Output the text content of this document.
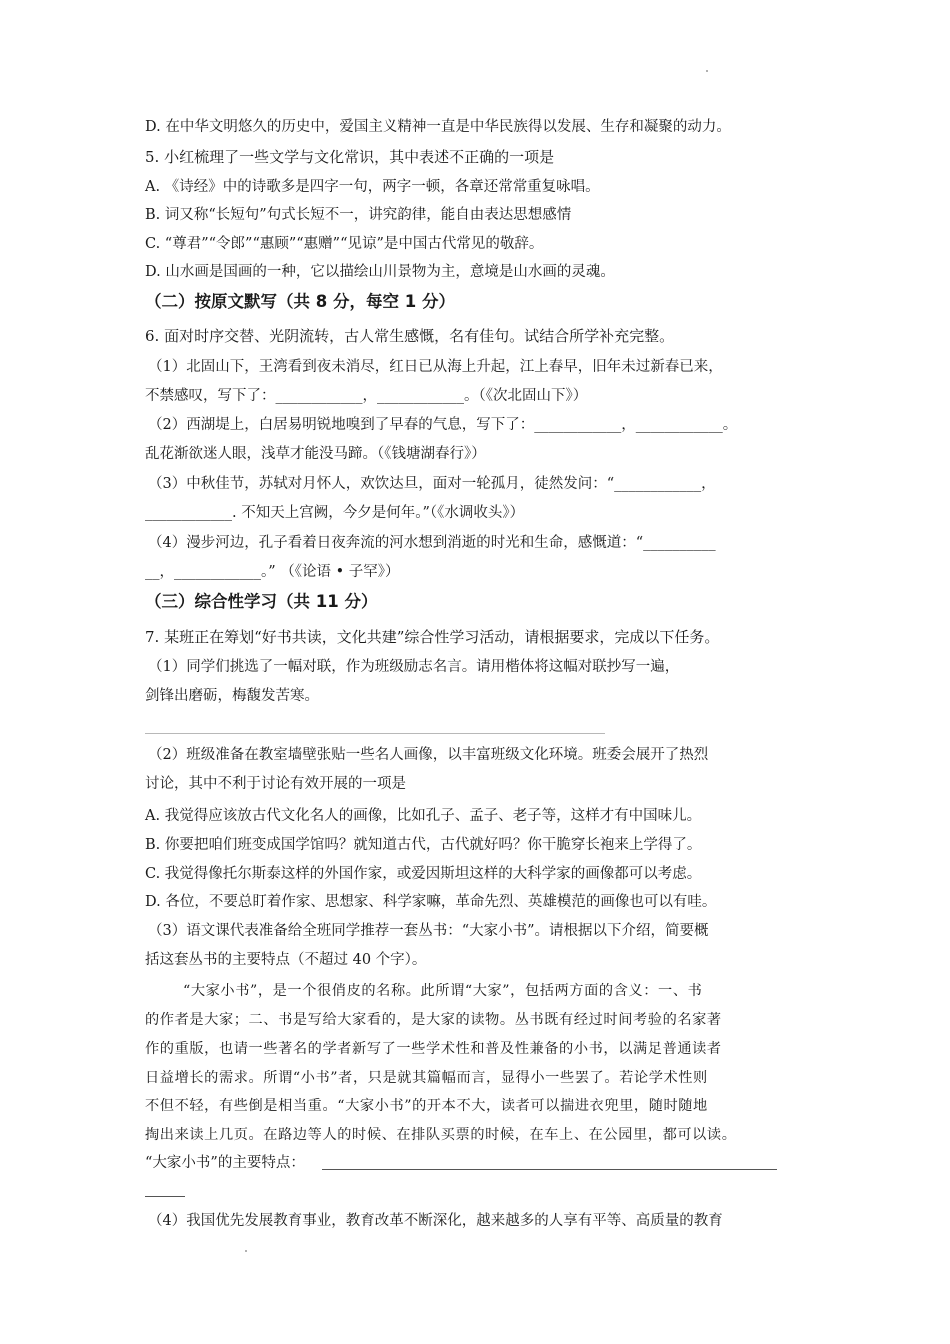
D. 在中华文明悠久的历史中，爱国主义精神一直是中华民族得以发展、生存和凝聚的动力。
5. 小红梳理了一些文学与文化常识，其中表述不正确的一项是
A. 《诗经》中的诗歌多是四字一句，两字一顿，各章还常常重复咏唱。
B. 词又称“长短句”句式长短不一，讲究韵律，能自由表达思想感情
C. “尊君”“令郎”“惠顾”“惠赠”“见谅”是中国古代常见的敬辞。
D. 山水画是国画的一种，它以描绘山川景物为主，意境是山水画的灵魂。
（二）按原文默写（共 8 分，每空 1 分）
6. 面对时序交替、光阴流转，古人常生感慨，名有佳句。试结合所学补充完整。
（1）北固山下，王湾看到夜未消尽，红日已从海上升起，江上春早，旧年未过新春已来，
不禁感叹，写下了：____________，____________。（《次北固山下》）
（2）西湖堤上，白居易明锐地嗅到了早春的气息，写下了：____________，____________。
乱花渐欲迷人眼，浅草才能没马蹄。（《钱塘湖春行》）
（3）中秋佳节，苏轼对月怀人，欢饮达旦，面对一轮孤月，徒然发问：“____________，
____________. 不知天上宫阙，今夕是何年。”（《水调收头》）
（4）漫步河边，孔子看着日夜奔流的河水想到消逝的时光和生命，感慨道：“__________
__，____________。” （《论语 • 子罕》）
（三）综合性学习（共 11 分）
7. 某班正在筹划“好书共读，文化共建”综合性学习活动，请根据要求，完成以下任务。
（1）同学们挑选了一幅对联，作为班级励志名言。请用楷体将这幅对联抄写一遍，
剑锋出磨砺，梅馥发苦寒。
（2）班级准备在教室墙壁张贴一些名人画像，以丰富班级文化环境。班委会展开了热烈
讨论，其中不利于讨论有效开展的一项是
A. 我觉得应该放古代文化名人的画像，比如孔子、孟子、老子等，这样才有中国味儿。
B. 你要把咱们班变成国学馆吗？就知道古代，古代就好吗？你干脆穿长袍来上学得了。
C. 我觉得像托尔斯泰这样的外国作家，或爱因斯坦这样的大科学家的画像都可以考虑。
D. 各位，不要总盯着作家、思想家、科学家嘛，革命先烈、英雄模范的画像也可以有哇。
（3）语文课代表准备给全班同学推荐一套丛书：“大家小书”。请根据以下介绍，简要概
括这套丛书的主要特点（不超过 40 个字）。
“大家小书”，是一个很俏皮的名称。此所谓“大家”，包括两方面的含义：一、书
的作者是大家；二、书是写给大家看的，是大家的读物。丛书既有经过时间考验的名家著
作的重版，也请一些著名的学者新写了一些学术性和普及性兼备的小书，以满足普通读者
日益增长的需求。所谓“小书”者，只是就其篇幅而言，显得小一些罢了。若论学术性则
不但不轻，有些倒是相当重。“大家小书”的开本不大，读者可以揣进衣兜里，随时随地
掏出来读上几页。在路边等人的时候、在排队买票的时候，在车上、在公园里，都可以读。
“大家小书”的主要特点：
（4）我国优先发展教育事业，教育改革不断深化，越来越多的人享有平等、高质量的教育
